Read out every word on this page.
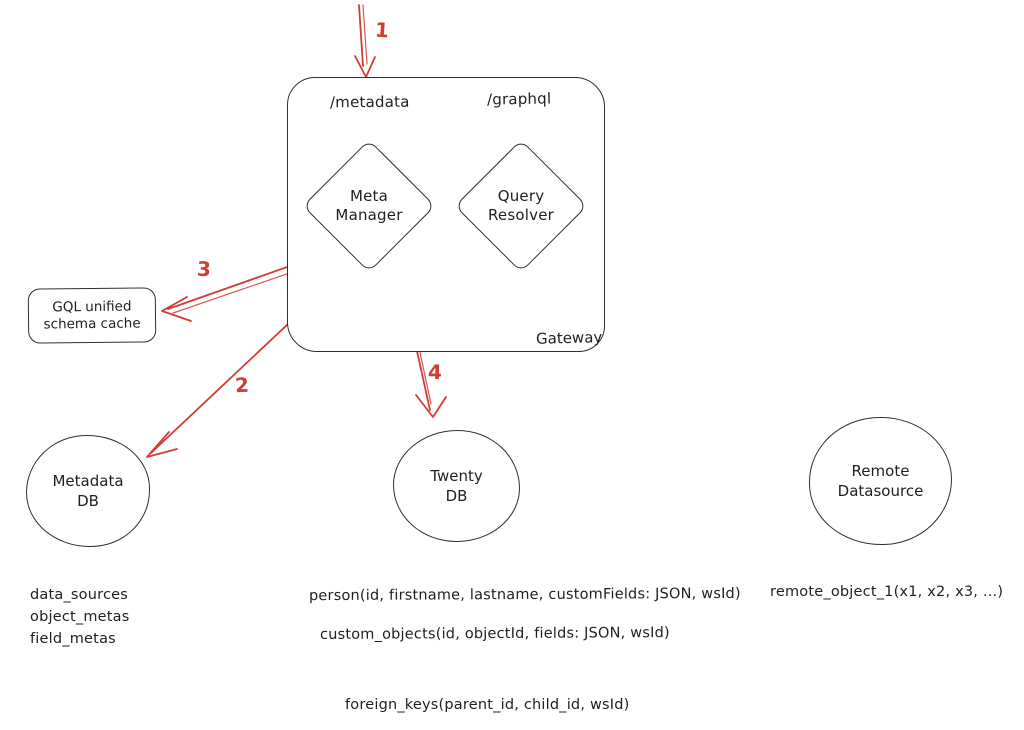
/metadata	/graphql
Meta
Manager
Query
Resolver
Gateway
GQL unified
schema cache
Metadata
DB
Twenty
DB
Remote
Datasource
1
2
3
4
data_sources
object_metas
field_metas
person(id, firstname, lastname, customFields: JSON, wsId)
custom_objects(id, objectId, fields: JSON, wsId)
foreign_keys(parent_id, child_id, wsId)
remote_object_1(x1, x2, x3, ...)
